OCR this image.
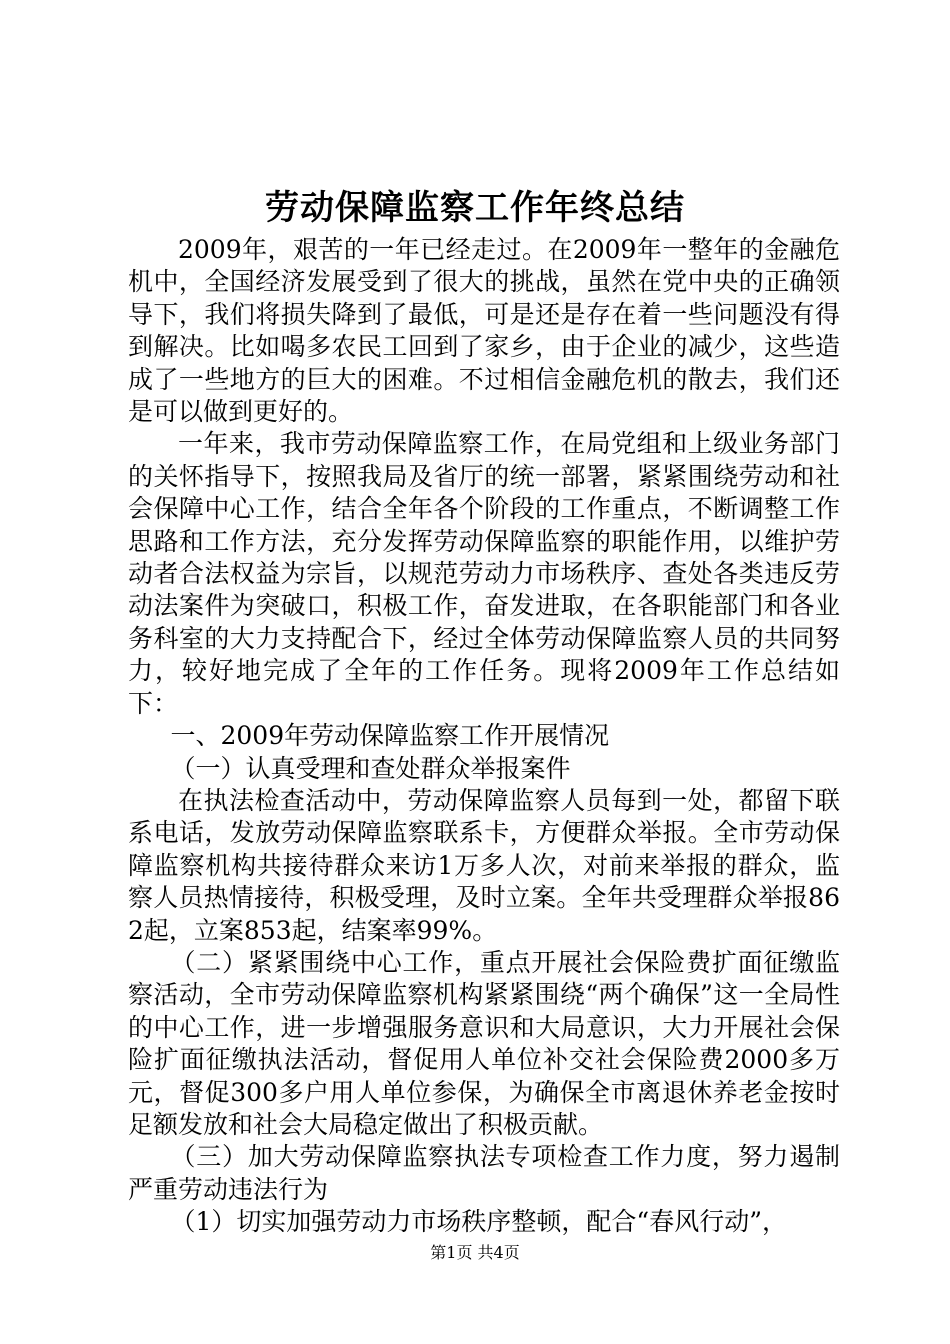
劳动保障监察工作年终总结

2009年，艰苦的一年已经走过。在2009年一整年的金融危机中，全国经济发展受到了很大的挑战，虽然在党中央的正确领导下，我们将损失降到了最低，可是还是存在着一些问题没有得到解决。比如喝多农民工回到了家乡，由于企业的减少，这些造成了一些地方的巨大的困难。不过相信金融危机的散去，我们还是可以做到更好的。

一年来，我市劳动保障监察工作，在局党组和上级业务部门的关怀指导下，按照我局及省厅的统一部署，紧紧围绕劳动和社会保障中心工作，结合全年各个阶段的工作重点，不断调整工作思路和工作方法，充分发挥劳动保障监察的职能作用，以维护劳动者合法权益为宗旨，以规范劳动力市场秩序、查处各类违反劳动法案件为突破口，积极工作，奋发进取，在各职能部门和各业务科室的大力支持配合下，经过全体劳动保障监察人员的共同努力，较好地完成了全年的工作任务。现将2009年工作总结如下：

一、2009年劳动保障监察工作开展情况

（一）认真受理和查处群众举报案件

在执法检查活动中，劳动保障监察人员每到一处，都留下联系电话，发放劳动保障监察联系卡，方便群众举报。全市劳动保障监察机构共接待群众来访1万多人次，对前来举报的群众，监察人员热情接待，积极受理，及时立案。全年共受理群众举报862起，立案853起，结案率99%。

（二）紧紧围绕中心工作，重点开展社会保险费扩面征缴监察活动，全市劳动保障监察机构紧紧围绕“两个确保”这一全局性的中心工作，进一步增强服务意识和大局意识，大力开展社会保险扩面征缴执法活动，督促用人单位补交社会保险费2000多万元，督促300多户用人单位参保，为确保全市离退休养老金按时足额发放和社会大局稳定做出了积极贡献。

（三）加大劳动保障监察执法专项检查工作力度，努力遏制严重劳动违法行为

（1）切实加强劳动力市场秩序整顿，配合“春风行动”，

第1页 共4页
